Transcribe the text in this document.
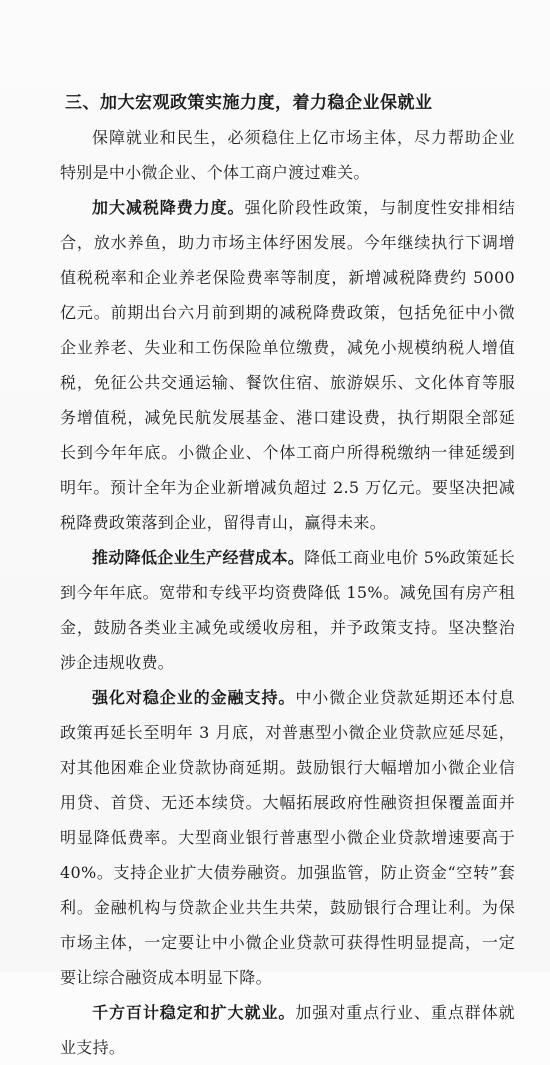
三、加大宏观政策实施力度，着力稳企业保就业

保障就业和民生，必须稳住上亿市场主体，尽力帮助企业特别是中小微企业、个体工商户渡过难关。

加大减税降费力度。强化阶段性政策，与制度性安排相结合，放水养鱼，助力市场主体纾困发展。今年继续执行下调增值税税率和企业养老保险费率等制度，新增减税降费约 5000 亿元。前期出台六月前到期的减税降费政策，包括免征中小微企业养老、失业和工伤保险单位缴费，减免小规模纳税人增值税，免征公共交通运输、餐饮住宿、旅游娱乐、文化体育等服务增值税，减免民航发展基金、港口建设费，执行期限全部延长到今年年底。小微企业、个体工商户所得税缴纳一律延缓到明年。预计全年为企业新增减负超过 2.5 万亿元。要坚决把减税降费政策落到企业，留得青山，赢得未来。

推动降低企业生产经营成本。降低工商业电价 5%政策延长到今年年底。宽带和专线平均资费降低 15%。减免国有房产租金，鼓励各类业主减免或缓收房租，并予政策支持。坚决整治涉企违规收费。

强化对稳企业的金融支持。中小微企业贷款延期还本付息政策再延长至明年 3 月底，对普惠型小微企业贷款应延尽延，对其他困难企业贷款协商延期。鼓励银行大幅增加小微企业信用贷、首贷、无还本续贷。大幅拓展政府性融资担保覆盖面并明显降低费率。大型商业银行普惠型小微企业贷款增速要高于 40%。支持企业扩大债券融资。加强监管，防止资金“空转”套利。金融机构与贷款企业共生共荣，鼓励银行合理让利。为保市场主体，一定要让中小微企业贷款可获得性明显提高，一定要让综合融资成本明显下降。

千方百计稳定和扩大就业。加强对重点行业、重点群体就业支持。
